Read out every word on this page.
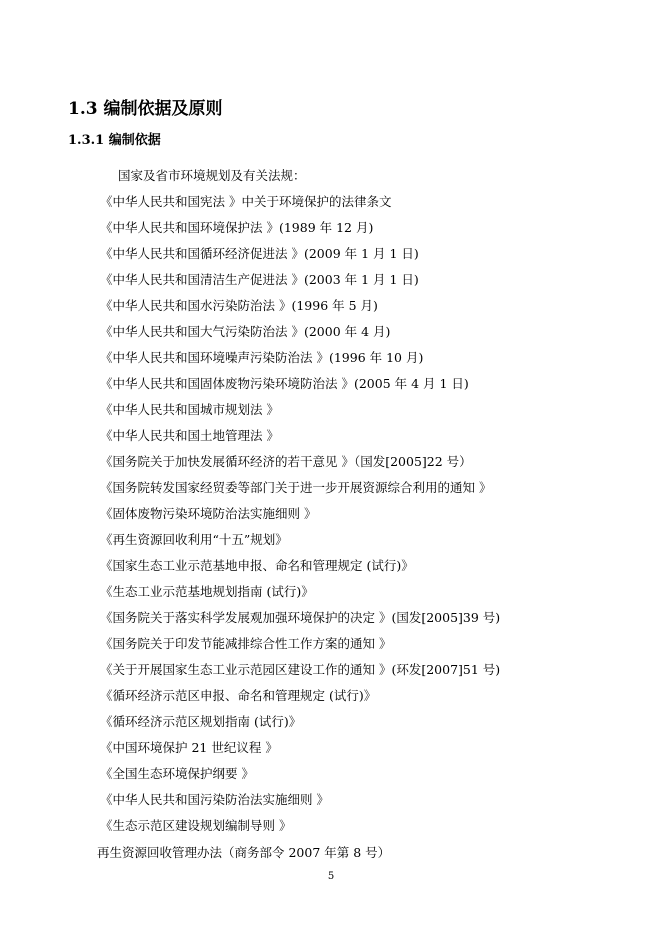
1.3 编制依据及原则
1.3.1 编制依据
国家及省市环境规划及有关法规：
《中华人民共和国宪法 》中关于环境保护的法律条文
《中华人民共和国环境保护法 》(1989 年 12 月)
《中华人民共和国循环经济促进法 》(2009 年 1 月 1 日)
《中华人民共和国清洁生产促进法 》(2003 年 1 月 1 日)
《中华人民共和国水污染防治法 》(1996 年 5 月)
《中华人民共和国大气污染防治法 》(2000 年 4 月)
《中华人民共和国环境噪声污染防治法 》(1996 年 10 月)
《中华人民共和国固体废物污染环境防治法 》(2005 年 4 月 1 日)
《中华人民共和国城市规划法 》
《中华人民共和国土地管理法 》
《国务院关于加快发展循环经济的若干意见 》（国发[2005]22 号）
《国务院转发国家经贸委等部门关于进一步开展资源综合利用的通知 》
《固体废物污染环境防治法实施细则 》
《再生资源回收利用“十五”规划》
《国家生态工业示范基地申报、命名和管理规定 (试行)》
《生态工业示范基地规划指南 (试行)》
《国务院关于落实科学发展观加强环境保护的决定 》(国发[2005]39 号)
《国务院关于印发节能减排综合性工作方案的通知 》
《关于开展国家生态工业示范园区建设工作的通知 》(环发[2007]51 号)
《循环经济示范区申报、命名和管理规定 (试行)》
《循环经济示范区规划指南 (试行)》
《中国环境保护 21 世纪议程 》
《全国生态环境保护纲要 》
《中华人民共和国污染防治法实施细则 》
《生态示范区建设规划编制导则 》
再生资源回收管理办法（商务部令 2007 年第 8 号）
5
